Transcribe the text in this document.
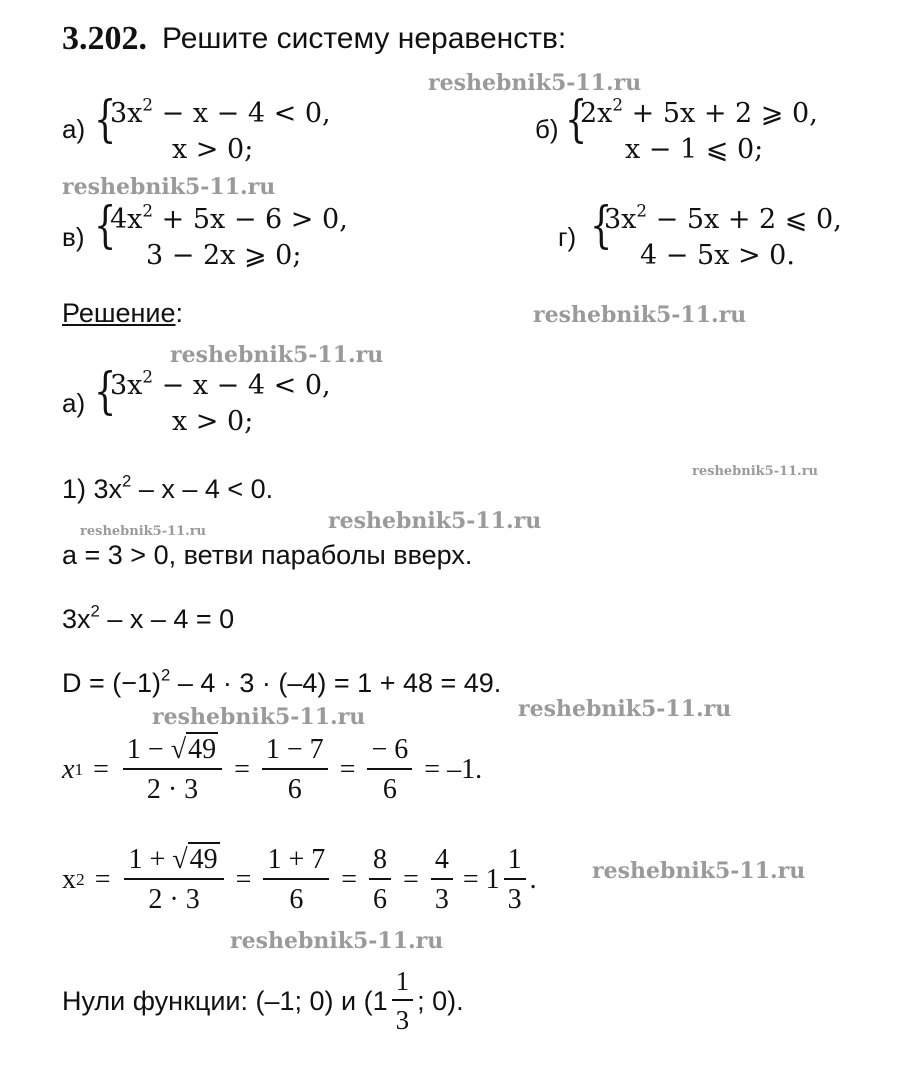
3.202. Решите систему неравенств:
reshebnik5-11.ru
reshebnik5-11.ru
reshebnik5-11.ru
reshebnik5-11.ru
reshebnik5-11.ru
reshebnik5-11.ru	reshebnik5-11.ru
reshebnik5-11.ru	reshebnik5-11.ru
reshebnik5-11.ru
reshebnik5-11.ru
а) {
$3x^2 - x - 4 < 0$,
x > 0;
б) {
$2x^2 + 5x + 2$ ⩾ 0,
x − 1 ⩽ 0;
в) {
$4x^2 + 5x - 6 > 0$,
3 − 2x ⩾ 0;
г) {
$3x^2 - 5x + 2$ ⩽ 0,
4 − 5x > 0.
Решение:
а) {
$3x^2 - x - 4 < 0$,
x > 0;
1) $3x^2 - x - 4 < 0$.
a = 3 > 0, ветви параболы вверх.
$3x^2 - x - 4 = 0$
$D = (-1)^2 - 4 \cdot 3 \cdot (-4) = 1 + 48 = 49$.
x $1 = \frac{1 - √49}{2 \cdot 3} = \frac{1 - 7}{6} = \frac{- 6}{6} = -1$.
x $2 = \frac{1 + √49}{2 \cdot 3} = \frac{1 + 7}{6} = \frac{8}{6} = \frac{4}{3} = 1 \frac{1}{3}$ .
Нули функции: (–1; 0) и ($1 \frac{1}{3}$ ; 0).
